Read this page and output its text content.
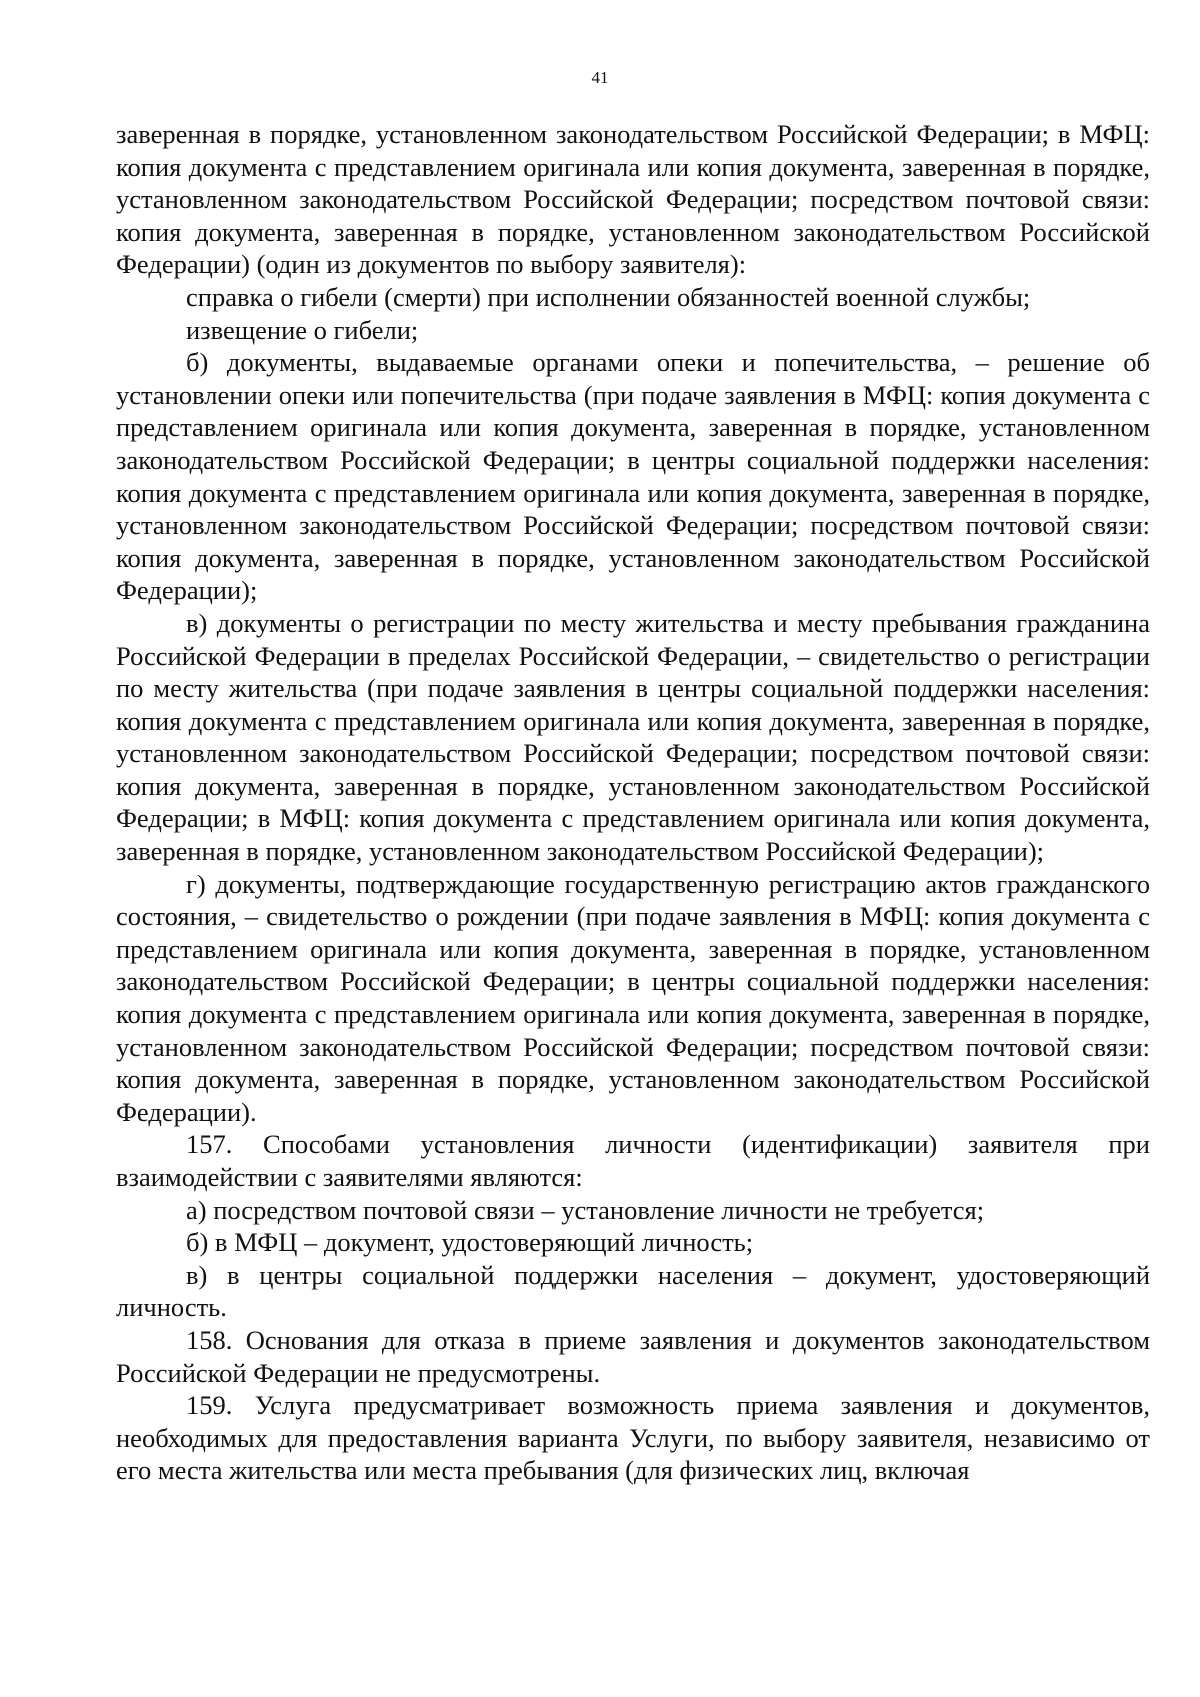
41

заверенная в порядке, установленном законодательством Российской Федерации; в МФЦ: копия документа с представлением оригинала или копия документа, заверенная в порядке, установленном законодательством Российской Федерации; посредством почтовой связи: копия документа, заверенная в порядке, установленном законодательством Российской Федерации) (один из документов по выбору заявителя):

справка о гибели (смерти) при исполнении обязанностей военной службы;

извещение о гибели;

б) документы, выдаваемые органами опеки и попечительства, – решение об установлении опеки или попечительства (при подаче заявления в МФЦ: копия документа с представлением оригинала или копия документа, заверенная в порядке, установленном законодательством Российской Федерации; в центры социальной поддержки населения: копия документа с представлением оригинала или копия документа, заверенная в порядке, установленном законодательством Российской Федерации; посредством почтовой связи: копия документа, заверенная в порядке, установленном законодательством Российской Федерации);

в) документы о регистрации по месту жительства и месту пребывания гражданина Российской Федерации в пределах Российской Федерации, – свидетельство о регистрации по месту жительства (при подаче заявления в центры социальной поддержки населения: копия документа с представлением оригинала или копия документа, заверенная в порядке, установленном законодательством Российской Федерации; посредством почтовой связи: копия документа, заверенная в порядке, установленном законодательством Российской Федерации; в МФЦ: копия документа с представлением оригинала или копия документа, заверенная в порядке, установленном законодательством Российской Федерации);

г) документы, подтверждающие государственную регистрацию актов гражданского состояния, – свидетельство о рождении (при подаче заявления в МФЦ: копия документа с представлением оригинала или копия документа, заверенная в порядке, установленном законодательством Российской Федерации; в центры социальной поддержки населения: копия документа с представлением оригинала или копия документа, заверенная в порядке, установленном законодательством Российской Федерации; посредством почтовой связи: копия документа, заверенная в порядке, установленном законодательством Российской Федерации).

157. Способами установления личности (идентификации) заявителя при взаимодействии с заявителями являются:

а) посредством почтовой связи – установление личности не требуется;

б) в МФЦ – документ, удостоверяющий личность;

в) в центры социальной поддержки населения – документ, удостоверяющий личность.

158. Основания для отказа в приеме заявления и документов законодательством Российской Федерации не предусмотрены.

159. Услуга предусматривает возможность приема заявления и документов, необходимых для предоставления варианта Услуги, по выбору заявителя, независимо от его места жительства или места пребывания (для физических лиц, включая
